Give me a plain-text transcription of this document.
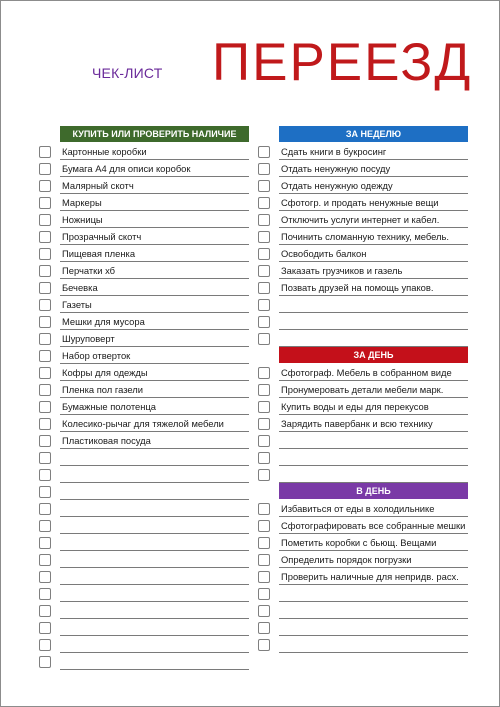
ЧЕК-ЛИСТ ПЕРЕЕЗД
КУПИТЬ ИЛИ ПРОВЕРИТЬ НАЛИЧИЕ
Картонные коробки
Бумага А4 для описи коробок
Малярный скотч
Маркеры
Ножницы
Прозрачный скотч
Пищевая пленка
Перчатки хб
Бечевка
Газеты
Мешки для мусора
Шуруповерт
Набор отверток
Кофры для одежды
Пленка пол газели
Бумажные полотенца
Колесико-рычаг для тяжелой мебели
Пластиковая посуда
ЗА НЕДЕЛЮ
ЗА ДЕНЬ
В ДЕНЬ
Сдать книги в букросинг
Отдать ненужную посуду
Отдать ненужную одежду
Сфотогр. и продать ненужные вещи
Отключить услуги интернет и кабел.
Починить сломанную технику, мебель.
Освободить балкон
Заказать грузчиков и газель
Позвать друзей на помощь упаков.
Сфотограф. Мебель в собранном виде
Пронумеровать детали мебели марк.
Купить воды и еды для перекусов
Зарядить павербанк и всю технику
Избавиться от еды в холодильнике
Сфотографировать все собранные мешки
Пометить коробки с бьющ. Вещами
Определить порядок погрузки
Проверить наличные для непридв. расх.
